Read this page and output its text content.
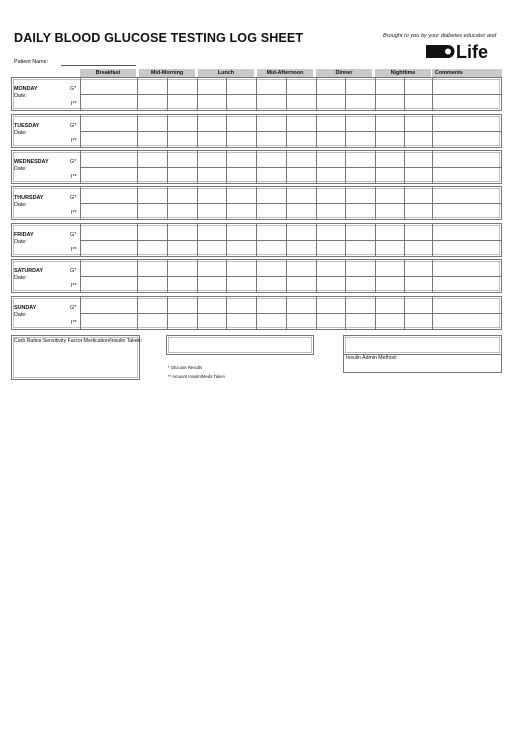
DAILY BLOOD GLUCOSE TESTING LOG SHEET	Brought to you by your diabetes educator and
Life
Patient Name:
Breakfast	Mid-Morning	Lunch	Mid-Afternoon	Dinner	Nighttime	Comments
MONDAY
Date:
G*
I**
TUESDAY
Date:
G*
I**
WEDNESDAY
Date:
G*
I**
THURSDAY
Date:
G*
I**
FRIDAY
Date:
G*
I**
SATURDAY
Date:
G*
I**
SUNDAY
Date:
G*
I**
Carb Ratios:Sensitivity Factor:Medication/Insulin Taken:
Insulin Admin Method:
* Glucose Results
** Amount Insulin/Meds Taken
